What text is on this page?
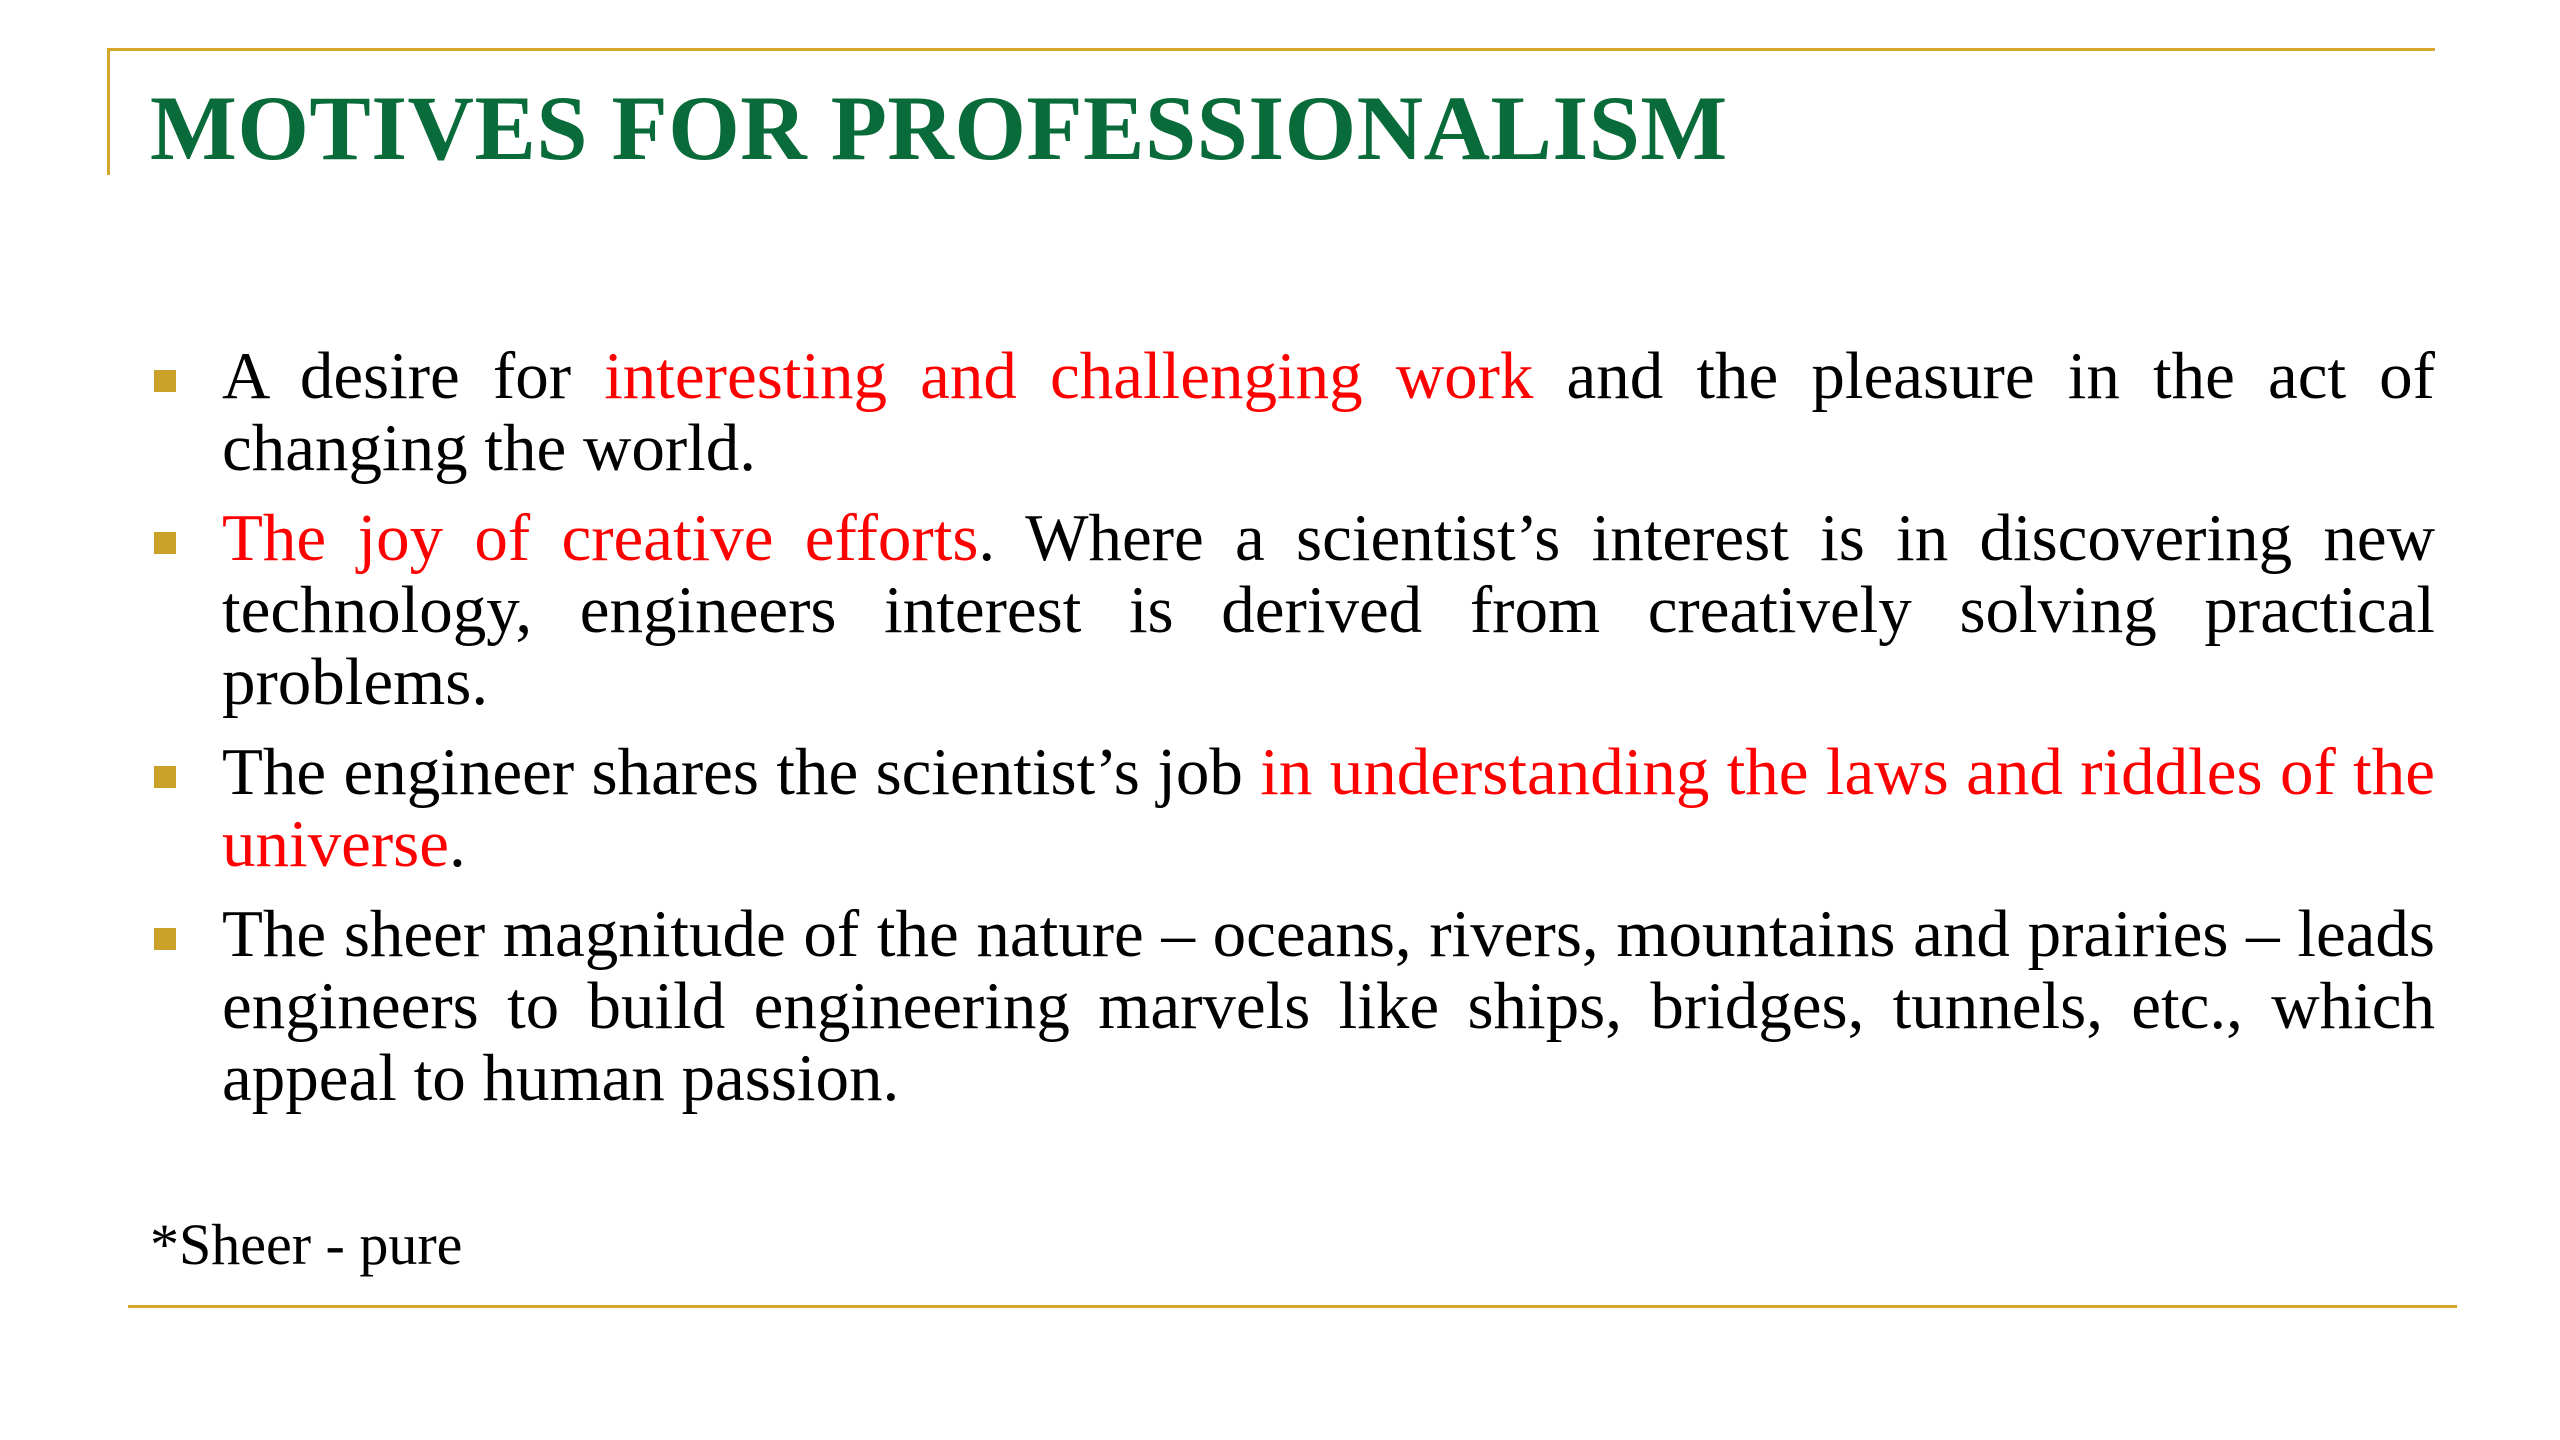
MOTIVES FOR PROFESSIONALISM
A desire for interesting and challenging work and the pleasure in the act of changing the world.
The joy of creative efforts. Where a scientist’s interest is in discovering new technology, engineers interest is derived from creatively solving practical problems.
The engineer shares the scientist’s job in understanding the laws and riddles of the universe.
The sheer magnitude of the nature – oceans, rivers, mountains and prairies – leads engineers to build engineering marvels like ships, bridges, tunnels, etc., which appeal to human passion.

*Sheer - pure
